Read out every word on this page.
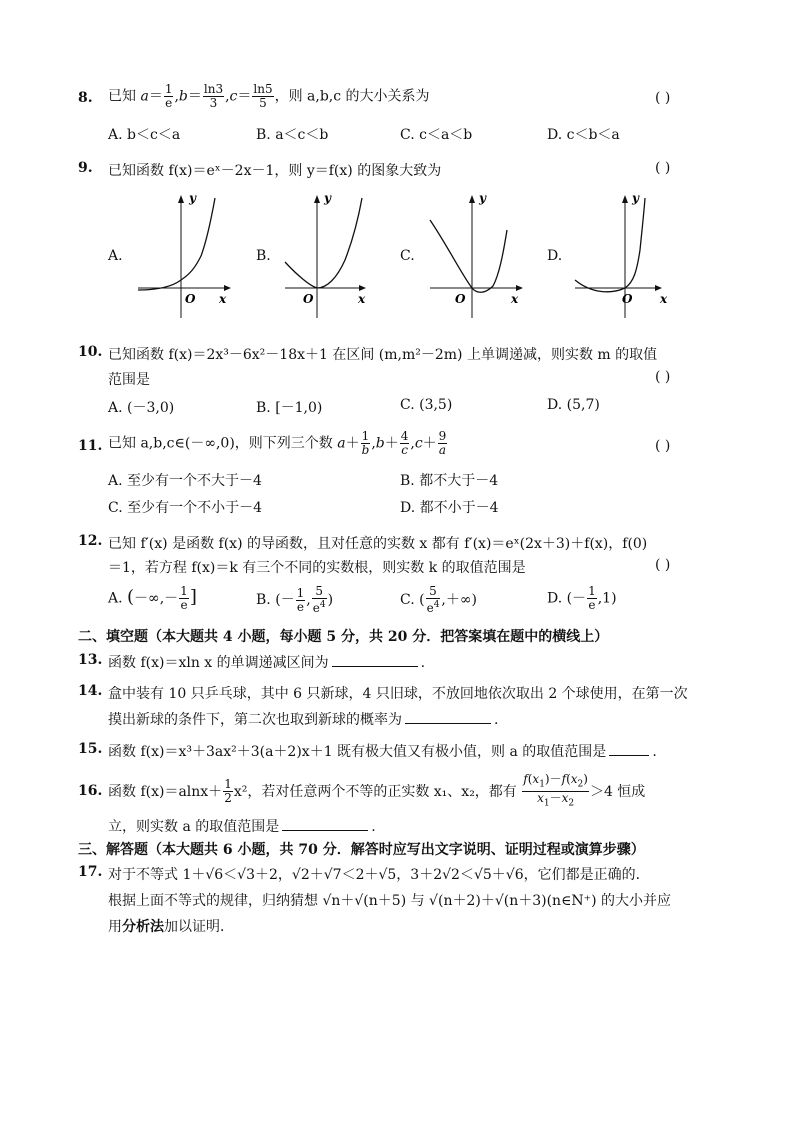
8. 已知 $a= \frac{1}{e} ,b= \frac{\ln 3}{3} ,c= \frac{\ln 5}{5}$ ，则 a,b,c 的大小关系为	( )
A. b＜c＜a	B. a＜c＜b	C. c＜a＜b	D. c＜b＜a
9. 已知函数 f(x)＝eˣ－2x－1，则 y＝f(x) 的图象大致为	( )
A.	B.	C.	D.
y
x
O
y
x
O
y
x
O
y
x
O
10. 已知函数 f(x)＝2x³－6x²－18x＋1 在区间 (m,m²－2m) 上单调递减，则实数 m 的取值
范围是	( )
A. (－3,0)	B. [－1,0)	C. (3,5)	D. (5,7)
11. 已知 a,b,c∈(－∞,0)，则下列三个数 $a+ \frac{1}{b} ,b+ \frac{4}{c} ,c+ \frac{9}{a}$	( )
A. 至少有一个不大于－4	B. 都不大于－4
C. 至少有一个不小于－4	D. 都不小于－4
12. 已知 f′(x) 是函数 f(x) 的导函数，且对任意的实数 x 都有 f′(x)＝eˣ(2x＋3)＋f(x)，f(0)
＝1，若方程 f(x)＝k 有三个不同的实数根，则实数 k 的取值范围是	( )
A. (－∞,－ $\frac{1}{e}$ ]	B. (－ $\frac{1}{e}$ , $\frac{5}{e^4}$ )	C. ( $\frac{5}{e^4}$ ,＋∞)	D. (－ $\frac{1}{e} ,1$)
二、填空题（本大题共 4 小题，每小题 5 分，共 20 分．把答案填在题中的横线上）
13. 函数 f(x)＝xln x 的单调递减区间为	.
14. 盒中装有 10 只乒乓球，其中 6 只新球，4 只旧球，不放回地依次取出 2 个球使用，在第一次
摸出新球的条件下，第二次也取到新球的概率为	.
15. 函数 f(x)＝x³＋3ax²＋3(a＋2)x＋1 既有极大值又有极小值，则 a 的取值范围是	.
16. 函数 $f(x)=alnx+ \frac{1}{2} x^2$，若对任意两个不等的正实数 x₁、x₂，都有 $\frac{f(x_1)-f(x_2)}{x_1-x_2} >4$ 恒成
立，则实数 a 的取值范围是	.
三、解答题（本大题共 6 小题，共 70 分．解答时应写出文字说明、证明过程或演算步骤）
17. 对于不等式 1＋√6＜√3＋2，√2＋√7＜2＋√5，3＋2√2＜√5＋√6，它们都是正确的．
根据上面不等式的规律，归纳猜想 √n＋√(n＋5) 与 √(n＋2)＋√(n＋3)(n∈N⁺) 的大小并应
用分析法加以证明．
